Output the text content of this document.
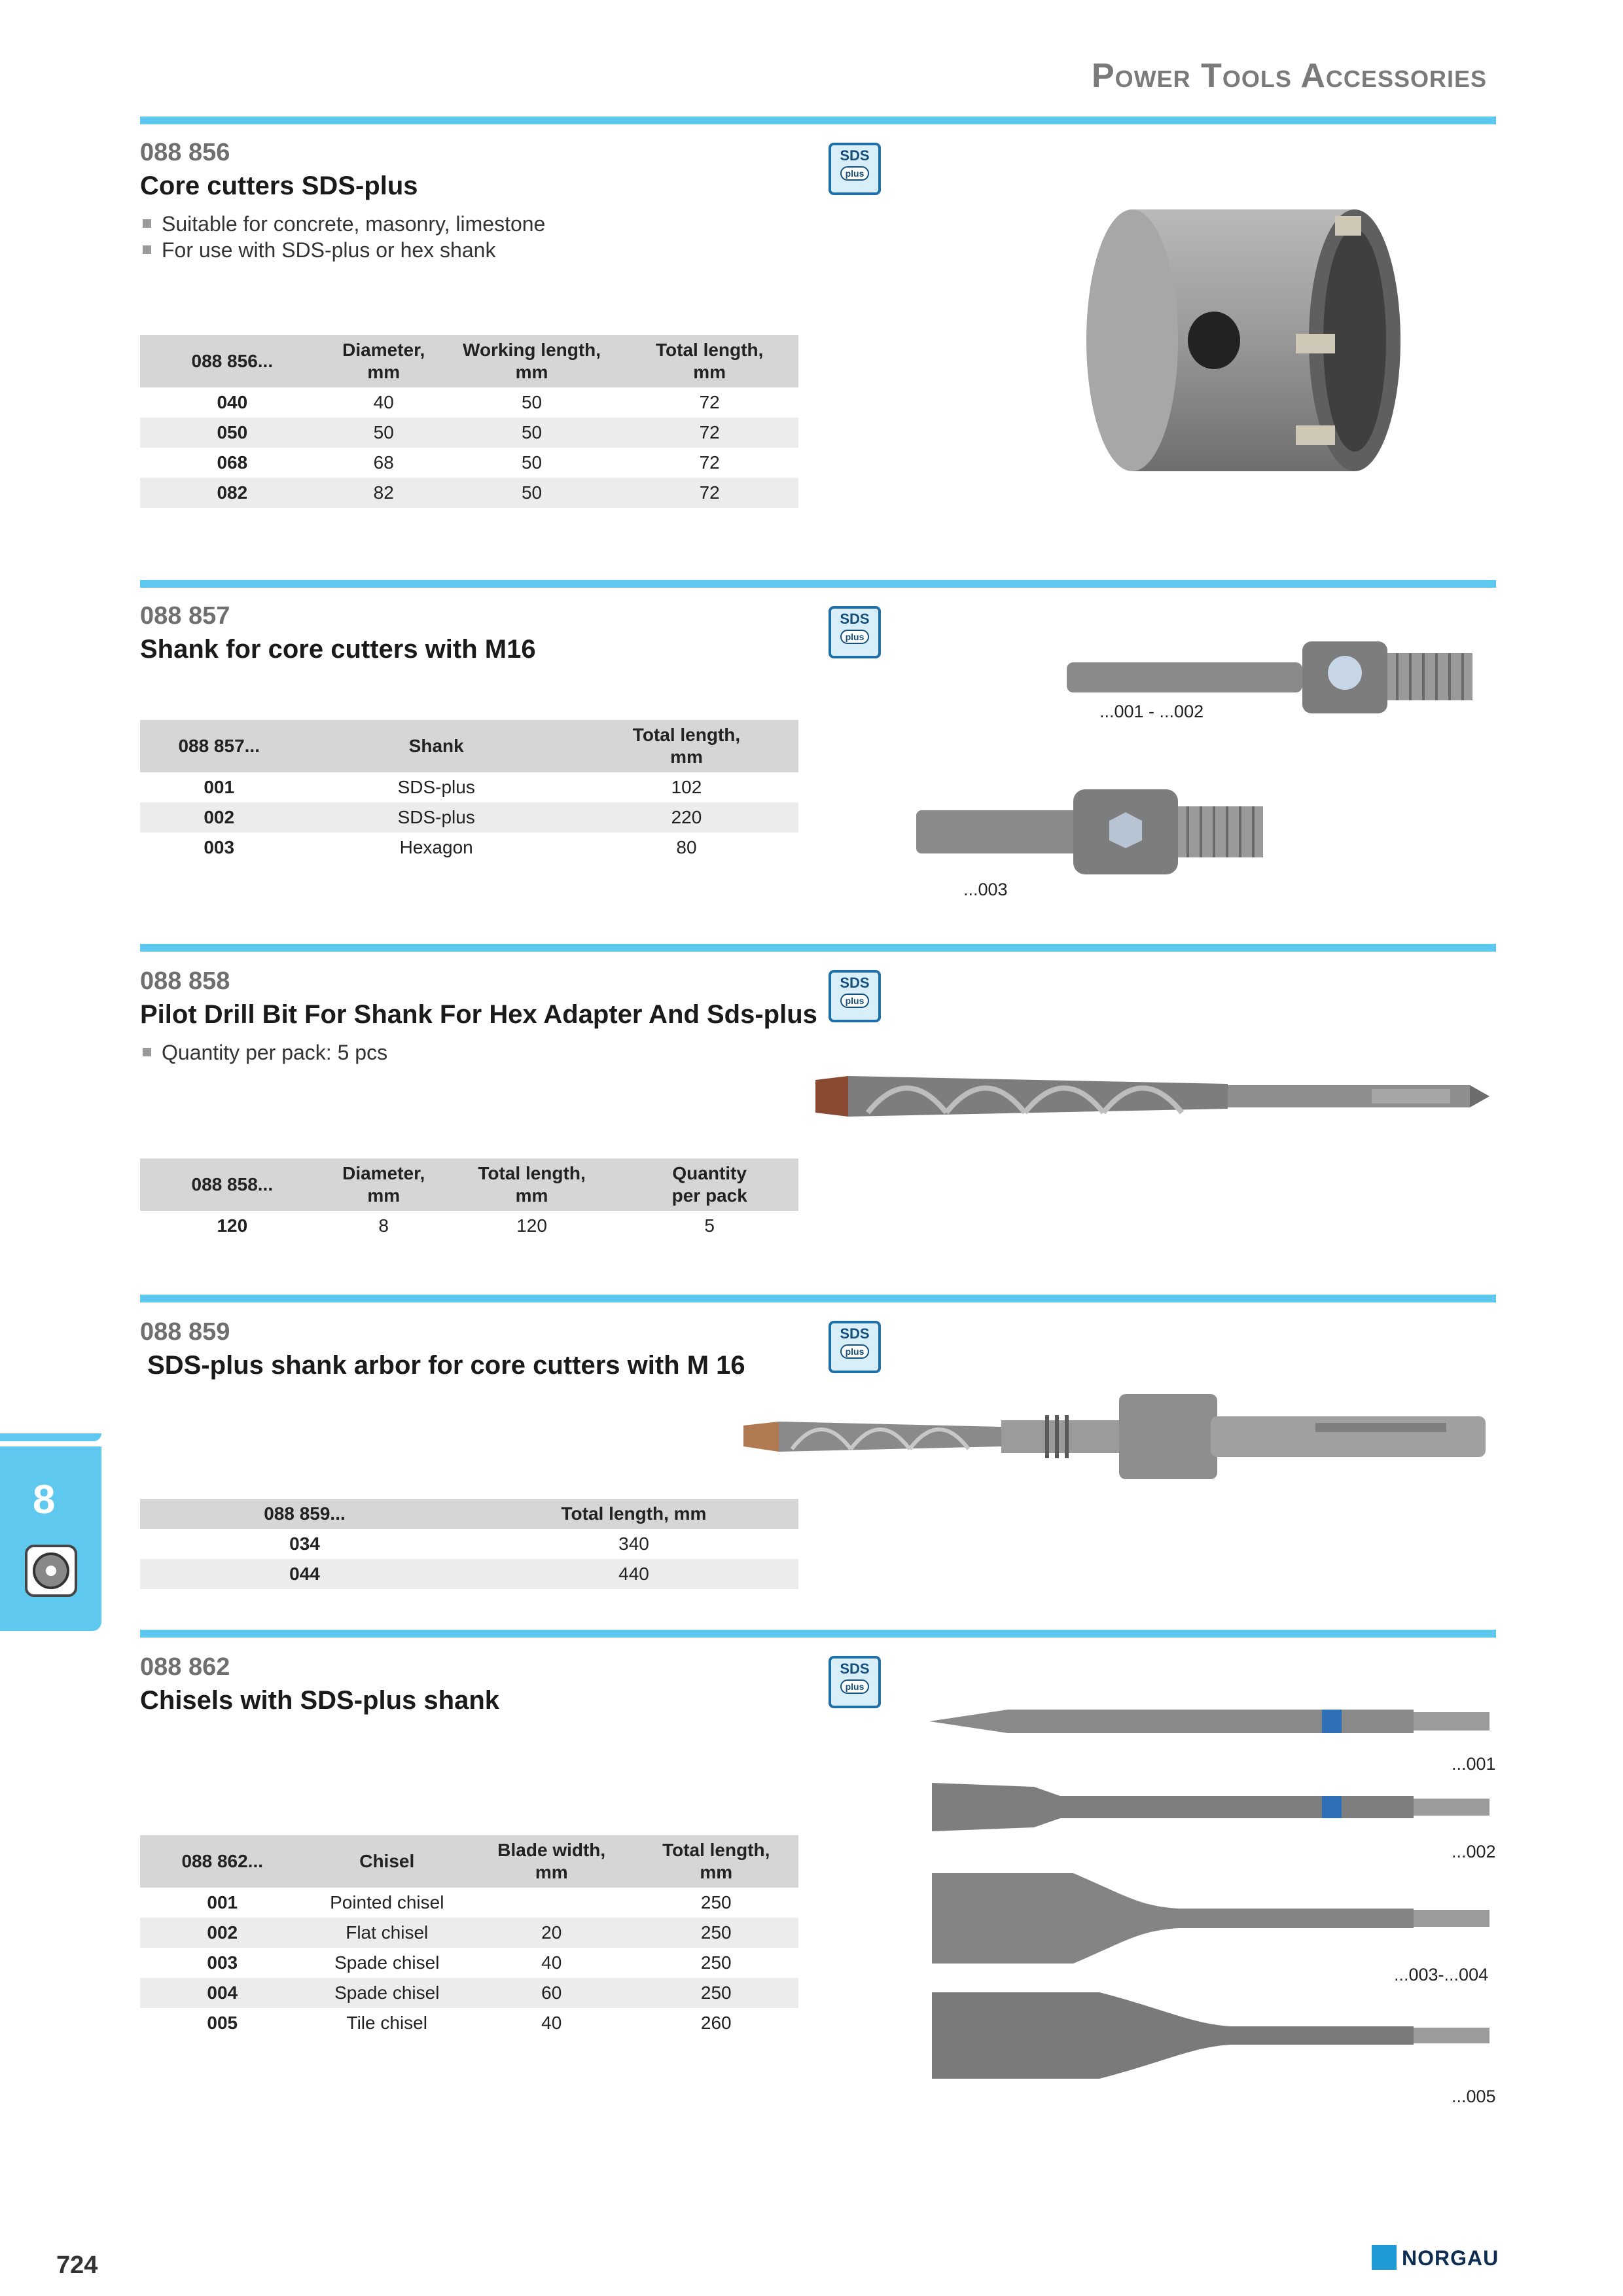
Power Tools Accessories
088 856
Core cutters SDS-plus
Suitable for concrete, masonry, limestone
For use with SDS-plus or hex shank
SDS
plus
088 856...	Diameter,
mm	Working length,
mm	Total length,
mm
040	40	50	72
050	50	50	72
068	68	50	72
082	82	50	72
088 857
Shank for core cutters with M16
SDS
plus
088 857...	Shank	Total length,
mm
001	SDS-plus	102
002	SDS-plus	220
003	Hexagon	80
...001 - ...002
...003
088 858
Pilot Drill Bit For Shank For Hex Adapter And Sds-plus
Quantity per pack: 5 pcs
SDS
plus
088 858...	Diameter,
mm	Total length,
mm	Quantity
per pack
120	8	120	5
088 859
SDS-plus shank arbor for core cutters with M 16
SDS
plus
088 859...	Total length, mm
034	340
044	440
088 862
Chisels with SDS-plus shank
SDS
plus
088 862...	Chisel	Blade width,
mm	Total length,
mm
001	Pointed chisel		250
002	Flat chisel	20	250
003	Spade chisel	40	250
004	Spade chisel	60	250
005	Tile chisel	40	260
...001
...002
...003-...004
...005
8
724	NORGAU
